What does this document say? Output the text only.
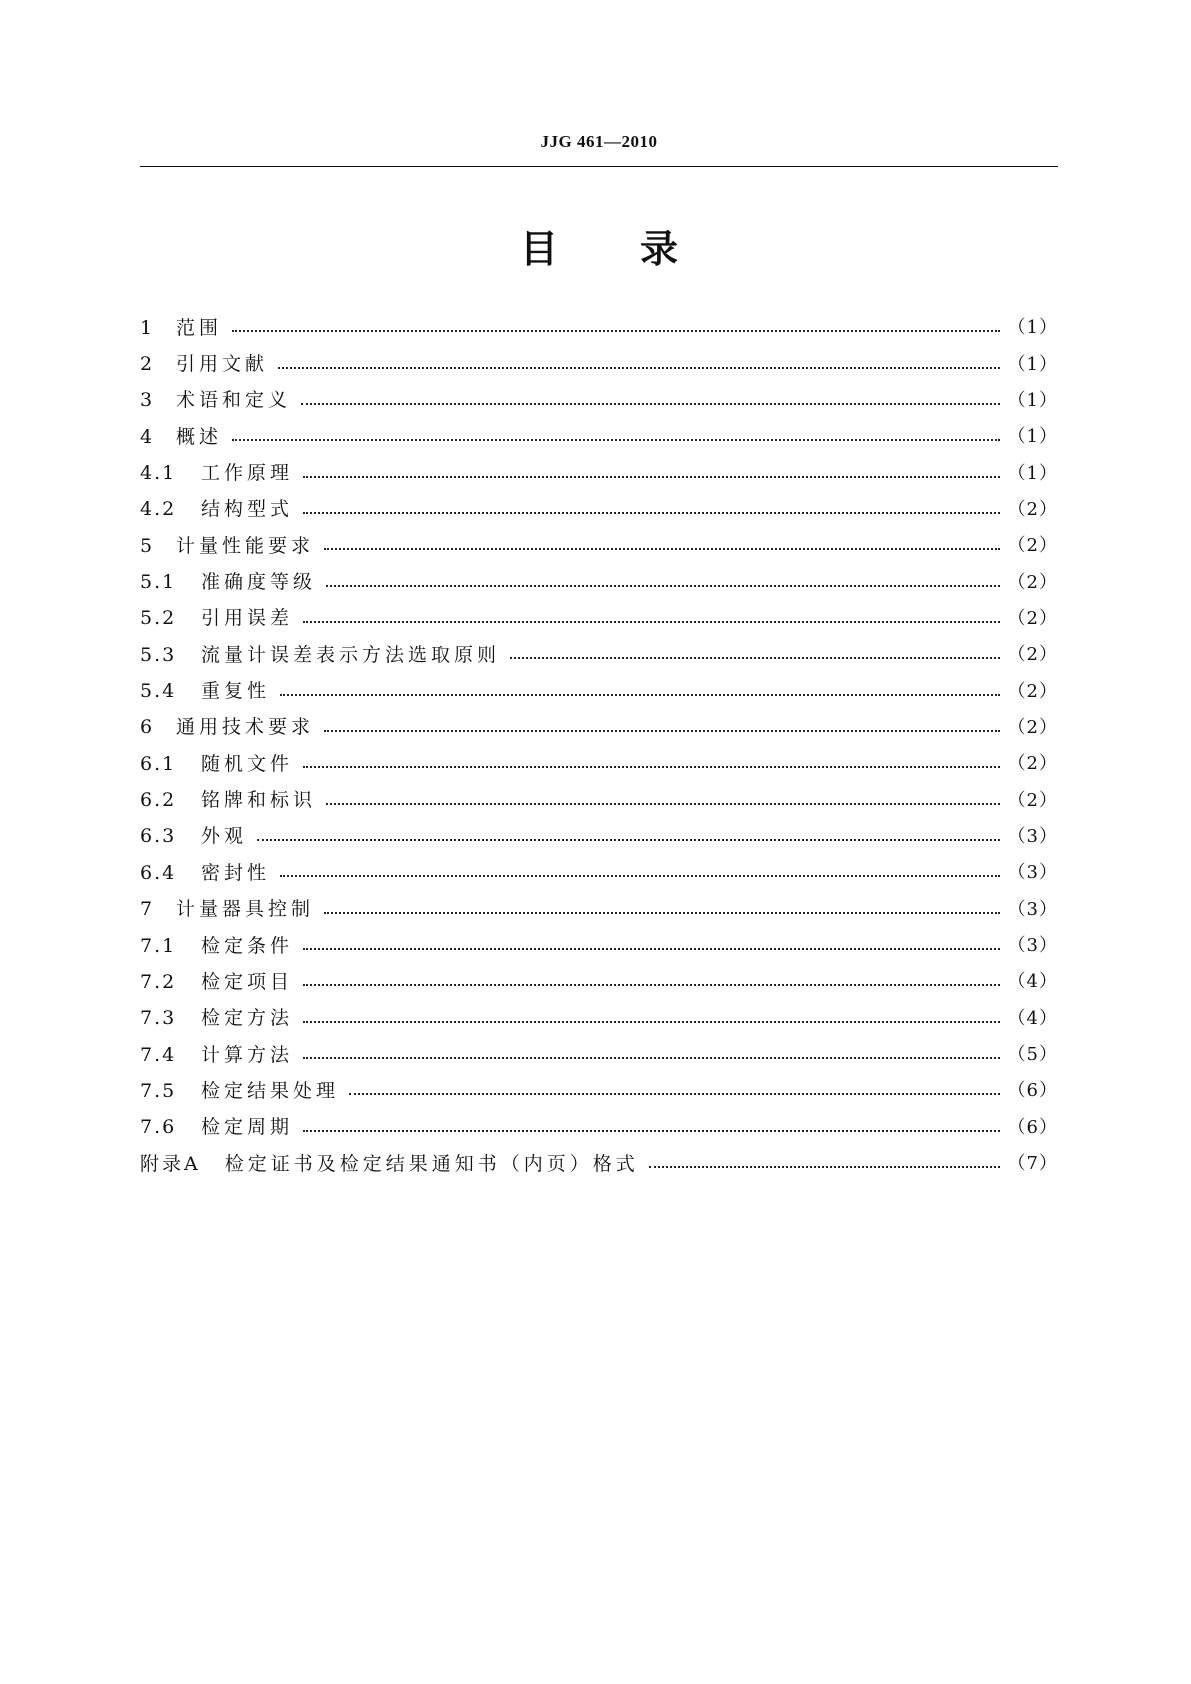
JJG 461—2010
目 录
1	范围	（1）
2	引用文献	（1）
3	术语和定义	（1）
4	概述	（1）
4.1	工作原理	（1）
4.2	结构型式	（2）
5	计量性能要求	（2）
5.1	准确度等级	（2）
5.2	引用误差	（2）
5.3	流量计误差表示方法选取原则	（2）
5.4	重复性	（2）
6	通用技术要求	（2）
6.1	随机文件	（2）
6.2	铭牌和标识	（2）
6.3	外观	（3）
6.4	密封性	（3）
7	计量器具控制	（3）
7.1	检定条件	（3）
7.2	检定项目	（4）
7.3	检定方法	（4）
7.4	计算方法	（5）
7.5	检定结果处理	（6）
7.6	检定周期	（6）
附录A 检定证书及检定结果通知书（内页）格式	（7）
